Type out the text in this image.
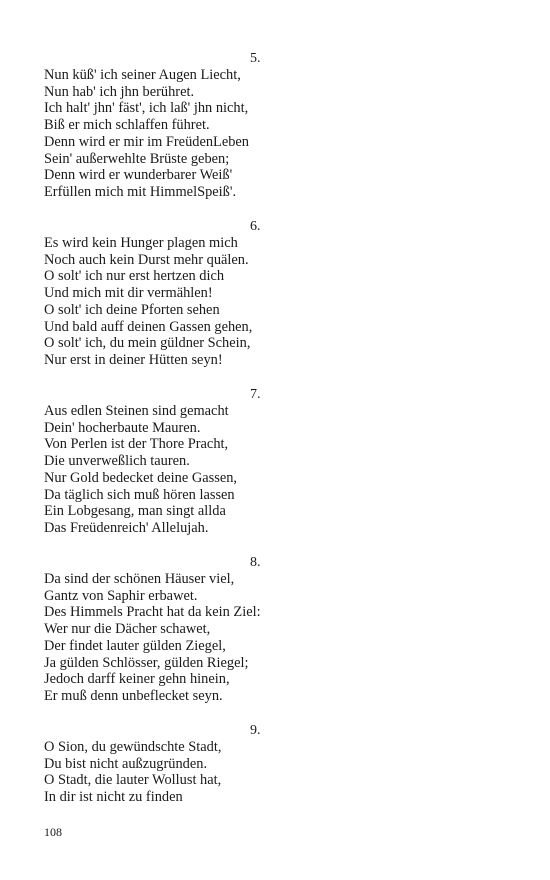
5.
Nun küß' ich seiner Augen Liecht,
Nun hab' ich jhn berühret.
Ich halt' jhn' fäst', ich laß' jhn nicht,
Biß er mich schlaffen führet.
Denn wird er mir im FreüdenLeben
Sein' außerwehlte Brüste geben;
Denn wird er wunderbarer Weiß'
Erfüllen mich mit HimmelSpeiß'.
6.
Es wird kein Hunger plagen mich
Noch auch kein Durst mehr quälen.
O solt' ich nur erst hertzen dich
Und mich mit dir vermählen!
O solt' ich deine Pforten sehen
Und bald auff deinen Gassen gehen,
O solt' ich, du mein güldner Schein,
Nur erst in deiner Hütten seyn!
7.
Aus edlen Steinen sind gemacht
Dein' hocherbaute Mauren.
Von Perlen ist der Thore Pracht,
Die unverweßlich tauren.
Nur Gold bedecket deine Gassen,
Da täglich sich muß hören lassen
Ein Lobgesang, man singt allda
Das Freüdenreich' Allelujah.
8.
Da sind der schönen Häuser viel,
Gantz von Saphir erbawet.
Des Himmels Pracht hat da kein Ziel:
Wer nur die Dächer schawet,
Der findet lauter gülden Ziegel,
Ja gülden Schlösser, gülden Riegel;
Jedoch darff keiner gehn hinein,
Er muß denn unbeflecket seyn.
9.
O Sion, du gewündschte Stadt,
Du bist nicht außzugründen.
O Stadt, die lauter Wollust hat,
In dir ist nicht zu finden
108
